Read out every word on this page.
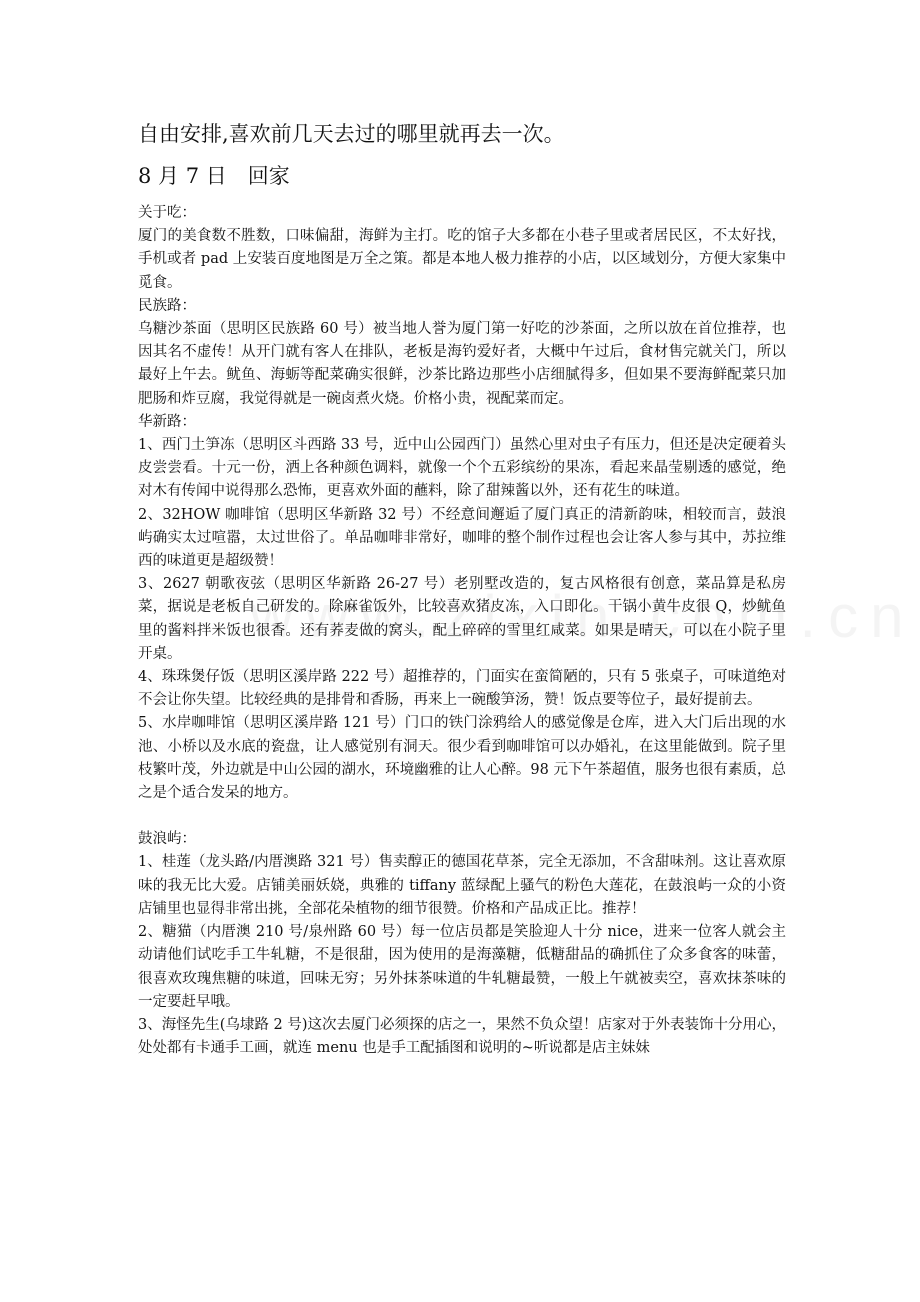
自由安排,喜欢前几天去过的哪里就再去一次。

8 月 7 日　回家

关于吃：

厦门的美食数不胜数，口味偏甜，海鲜为主打。吃的馆子大多都在小巷子里或者居民区，不太好找，手机或者 pad 上安装百度地图是万全之策。都是本地人极力推荐的小店，以区域划分，方便大家集中觅食。

民族路：

乌糖沙茶面（思明区民族路 60 号）被当地人誉为厦门第一好吃的沙茶面，之所以放在首位推荐，也因其名不虚传！从开门就有客人在排队，老板是海钓爱好者，大概中午过后，食材售完就关门，所以最好上午去。鱿鱼、海蛎等配菜确实很鲜，沙茶比路边那些小店细腻得多，但如果不要海鲜配菜只加肥肠和炸豆腐，我觉得就是一碗卤煮火烧。价格小贵，视配菜而定。

华新路：

1、西门土笋冻（思明区斗西路 33 号，近中山公园西门）虽然心里对虫子有压力，但还是决定硬着头皮尝尝看。十元一份，洒上各种颜色调料，就像一个个五彩缤纷的果冻，看起来晶莹剔透的感觉，绝对木有传闻中说得那么恐怖，更喜欢外面的蘸料，除了甜辣酱以外，还有花生的味道。

2、32HOW 咖啡馆（思明区华新路 32 号）不经意间邂逅了厦门真正的清新韵味，相较而言，鼓浪屿确实太过喧嚣，太过世俗了。单品咖啡非常好，咖啡的整个制作过程也会让客人参与其中，苏拉维西的味道更是超级赞！

3、2627 朝歌夜弦（思明区华新路 26-27 号）老别墅改造的，复古风格很有创意，菜品算是私房菜，据说是老板自己研发的。除麻雀饭外，比较喜欢猪皮冻，入口即化。干锅小黄牛皮很 Q，炒鱿鱼里的酱料拌米饭也很香。还有荞麦做的窝头，配上碎碎的雪里红咸菜。如果是晴天，可以在小院子里开桌。

4、珠珠煲仔饭（思明区溪岸路 222 号）超推荐的，门面实在蛮简陋的，只有 5 张桌子，可味道绝对不会让你失望。比较经典的是排骨和香肠，再来上一碗酸笋汤，赞！饭点要等位子，最好提前去。

5、水岸咖啡馆（思明区溪岸路 121 号）门口的铁门涂鸦给人的感觉像是仓库，进入大门后出现的水池、小桥以及水底的瓷盘，让人感觉别有洞天。很少看到咖啡馆可以办婚礼，在这里能做到。院子里枝繁叶茂，外边就是中山公园的湖水，环境幽雅的让人心醉。98 元下午茶超值，服务也很有素质，总之是个适合发呆的地方。

鼓浪屿：

1、桂莲（龙头路/内厝澳路 321 号）售卖醇正的德国花草茶，完全无添加，不含甜味剂。这让喜欢原味的我无比大爱。店铺美丽妖娆，典雅的 tiffany 蓝绿配上骚气的粉色大莲花，在鼓浪屿一众的小资店铺里也显得非常出挑，全部花朵植物的细节很赞。价格和产品成正比。推荐！

2、糖猫（内厝澳 210 号/泉州路 60 号）每一位店员都是笑脸迎人十分 nice，进来一位客人就会主动请他们试吃手工牛轧糖，不是很甜，因为使用的是海藻糖，低糖甜品的确抓住了众多食客的味蕾，很喜欢玫瑰焦糖的味道，回味无穷；另外抹茶味道的牛轧糖最赞，一般上午就被卖空，喜欢抹茶味的一定要赶早哦。

3、海怪先生(乌埭路 2 号)这次去厦门必须探的店之一，果然不负众望！店家对于外表装饰十分用心，处处都有卡通手工画，就连 menu 也是手工配插图和说明的~听说都是店主妹妹
